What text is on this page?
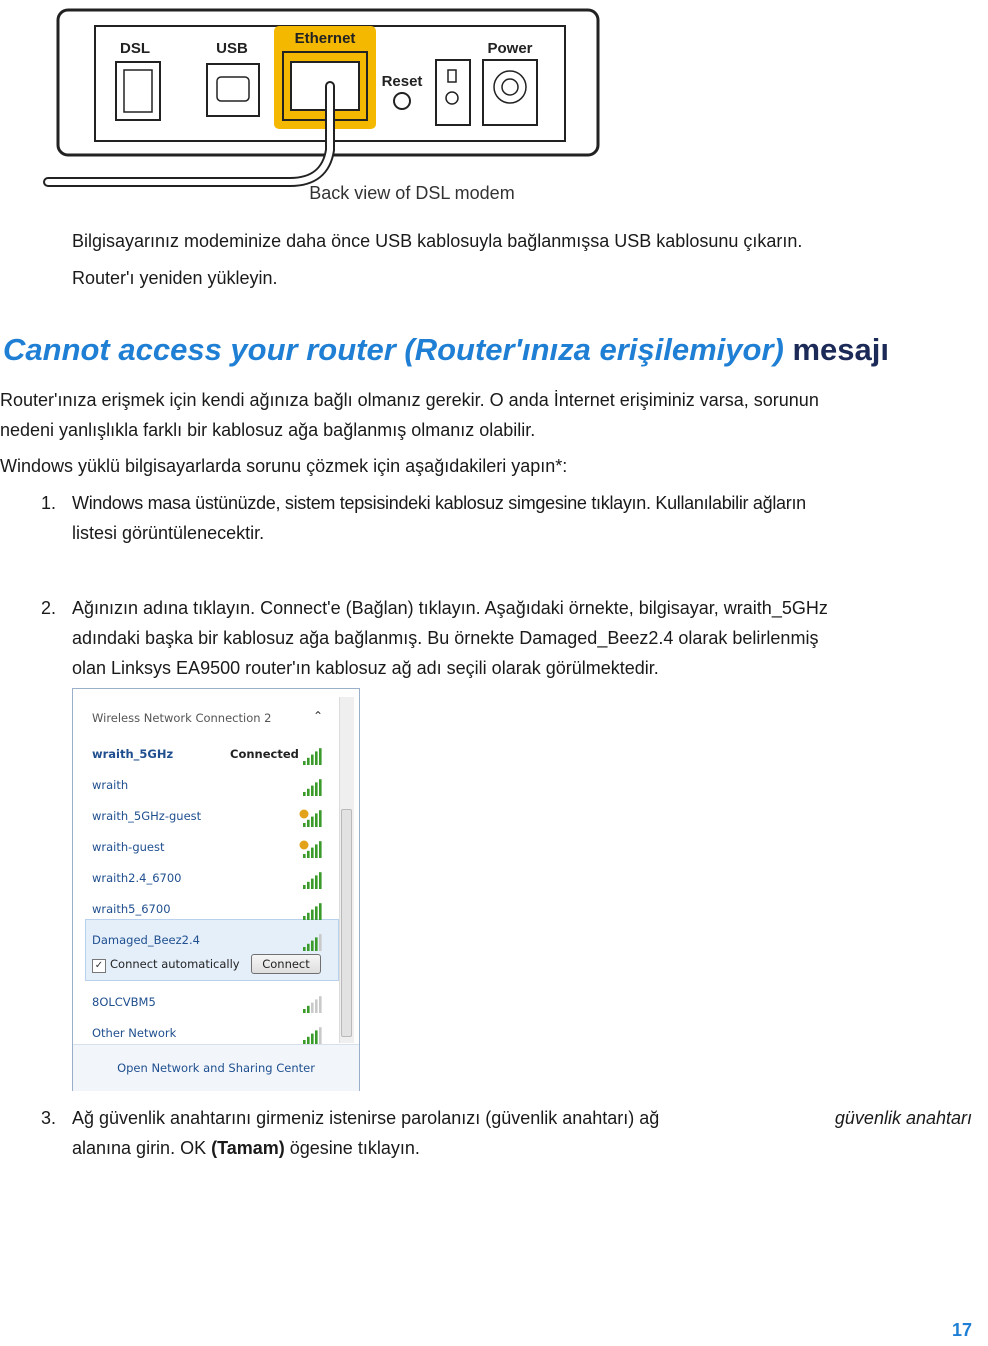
DSL	USB
Ethernet
Reset
Power
Back view of DSL modem
Bilgisayarınız modeminize daha önce USB kablosuyla bağlanmışsa USB kablosunu çıkarın.
Router'ı yeniden yükleyin.
Cannot access your router (Router'ınıza erişilemiyor) mesajı
Router'ınıza erişmek için kendi ağınıza bağlı olmanız gerekir. O anda İnternet erişiminiz varsa, sorunun
nedeni yanlışlıkla farklı bir kablosuz ağa bağlanmış olmanız olabilir.
Windows yüklü bilgisayarlarda sorunu çözmek için aşağıdakileri yapın*:
1. Windows masa üstünüzde, sistem tepsisindeki kablosuz simgesine tıklayın. Kullanılabilir ağların
listesi görüntülenecektir.
2. Ağınızın adına tıklayın. Connect'e (Bağlan) tıklayın. Aşağıdaki örnekte, bilgisayar, wraith_5GHz
adındaki başka bir kablosuz ağa bağlanmış. Bu örnekte Damaged_Beez2.4 olarak belirlenmiş
olan Linksys EA9500 router'ın kablosuz ağ adı seçili olarak görülmektedir.
Wireless Network Connection 2	⌃
wraith_5GHz	Connected
wraith
wraith_5GHz-guest
wraith-guest
wraith2.4_6700
wraith5_6700
Damaged_Beez2.4
8OLCVBM5
Other Network
✓ Connect automatically	Connect
Open Network and Sharing Center
3. Ağ güvenlik anahtarını girmeniz istenirse parolanızı (güvenlik anahtarı) ağ	güvenlik anahtarı
alanına girin. OK (Tamam) ögesine tıklayın.
17
